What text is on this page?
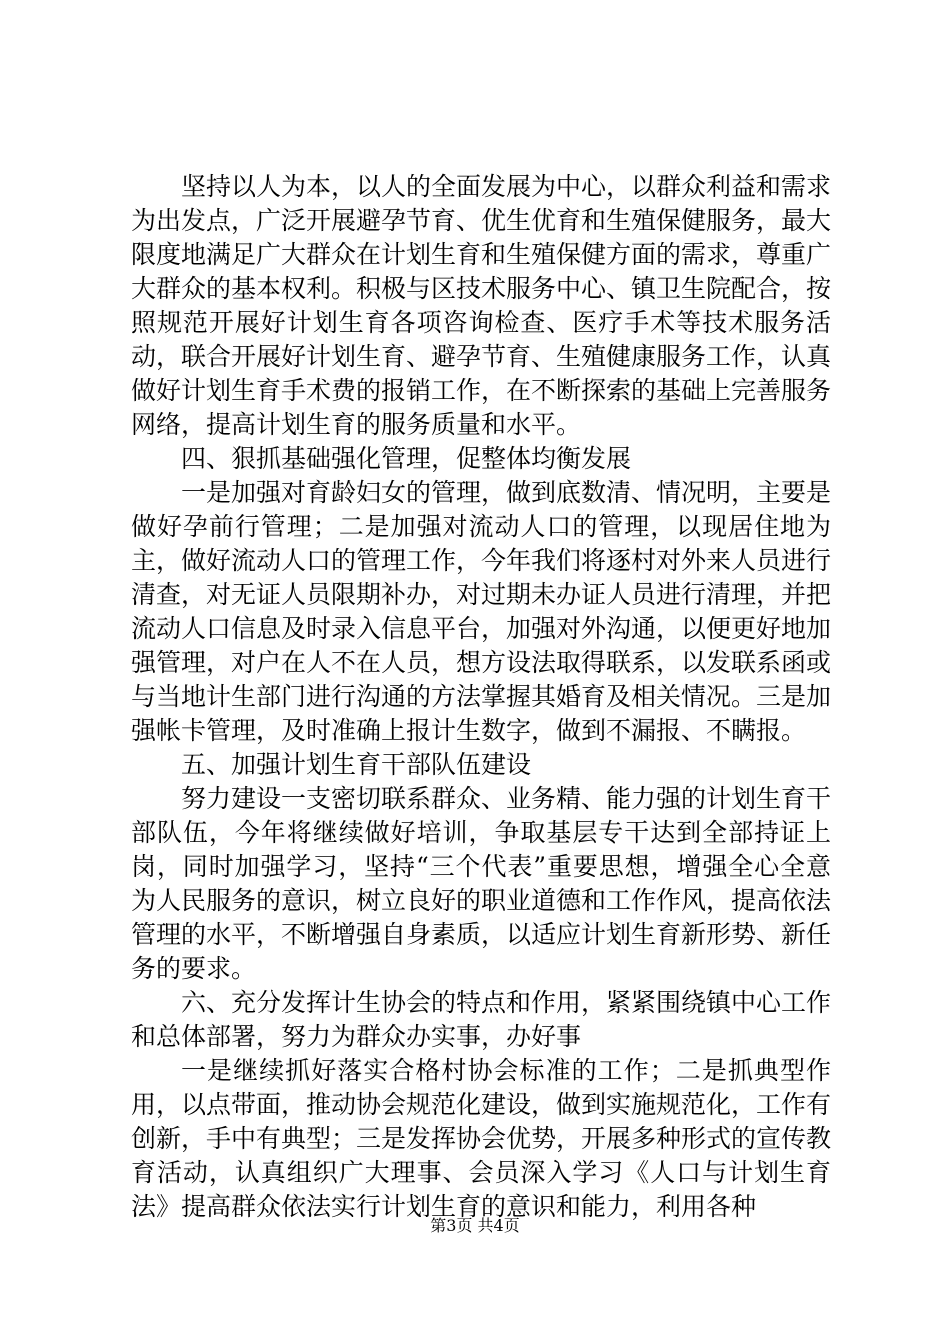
坚持以人为本，以人的全面发展为中心，以群众利益和需求为出发点，广泛开展避孕节育、优生优育和生殖保健服务，最大限度地满足广大群众在计划生育和生殖保健方面的需求，尊重广大群众的基本权利。积极与区技术服务中心、镇卫生院配合，按照规范开展好计划生育各项咨询检查、医疗手术等技术服务活动，联合开展好计划生育、避孕节育、生殖健康服务工作，认真做好计划生育手术费的报销工作，在不断探索的基础上完善服务网络，提高计划生育的服务质量和水平。

四、狠抓基础强化管理，促整体均衡发展

一是加强对育龄妇女的管理，做到底数清、情况明，主要是做好孕前行管理；二是加强对流动人口的管理，以现居住地为主，做好流动人口的管理工作，今年我们将逐村对外来人员进行清查，对无证人员限期补办，对过期未办证人员进行清理，并把流动人口信息及时录入信息平台，加强对外沟通，以便更好地加强管理，对户在人不在人员，想方设法取得联系，以发联系函或与当地计生部门进行沟通的方法掌握其婚育及相关情况。三是加强帐卡管理，及时准确上报计生数字，做到不漏报、不瞒报。

五、加强计划生育干部队伍建设

努力建设一支密切联系群众、业务精、能力强的计划生育干部队伍，今年将继续做好培训，争取基层专干达到全部持证上岗，同时加强学习，坚持“三个代表”重要思想，增强全心全意为人民服务的意识，树立良好的职业道德和工作作风，提高依法管理的水平，不断增强自身素质，以适应计划生育新形势、新任务的要求。

六、充分发挥计生协会的特点和作用，紧紧围绕镇中心工作和总体部署，努力为群众办实事，办好事

一是继续抓好落实合格村协会标准的工作；二是抓典型作用，以点带面，推动协会规范化建设，做到实施规范化，工作有创新，手中有典型；三是发挥协会优势，开展多种形式的宣传教育活动，认真组织广大理事、会员深入学习《人口与计划生育法》提高群众依法实行计划生育的意识和能力，利用各种

第3页 共4页
